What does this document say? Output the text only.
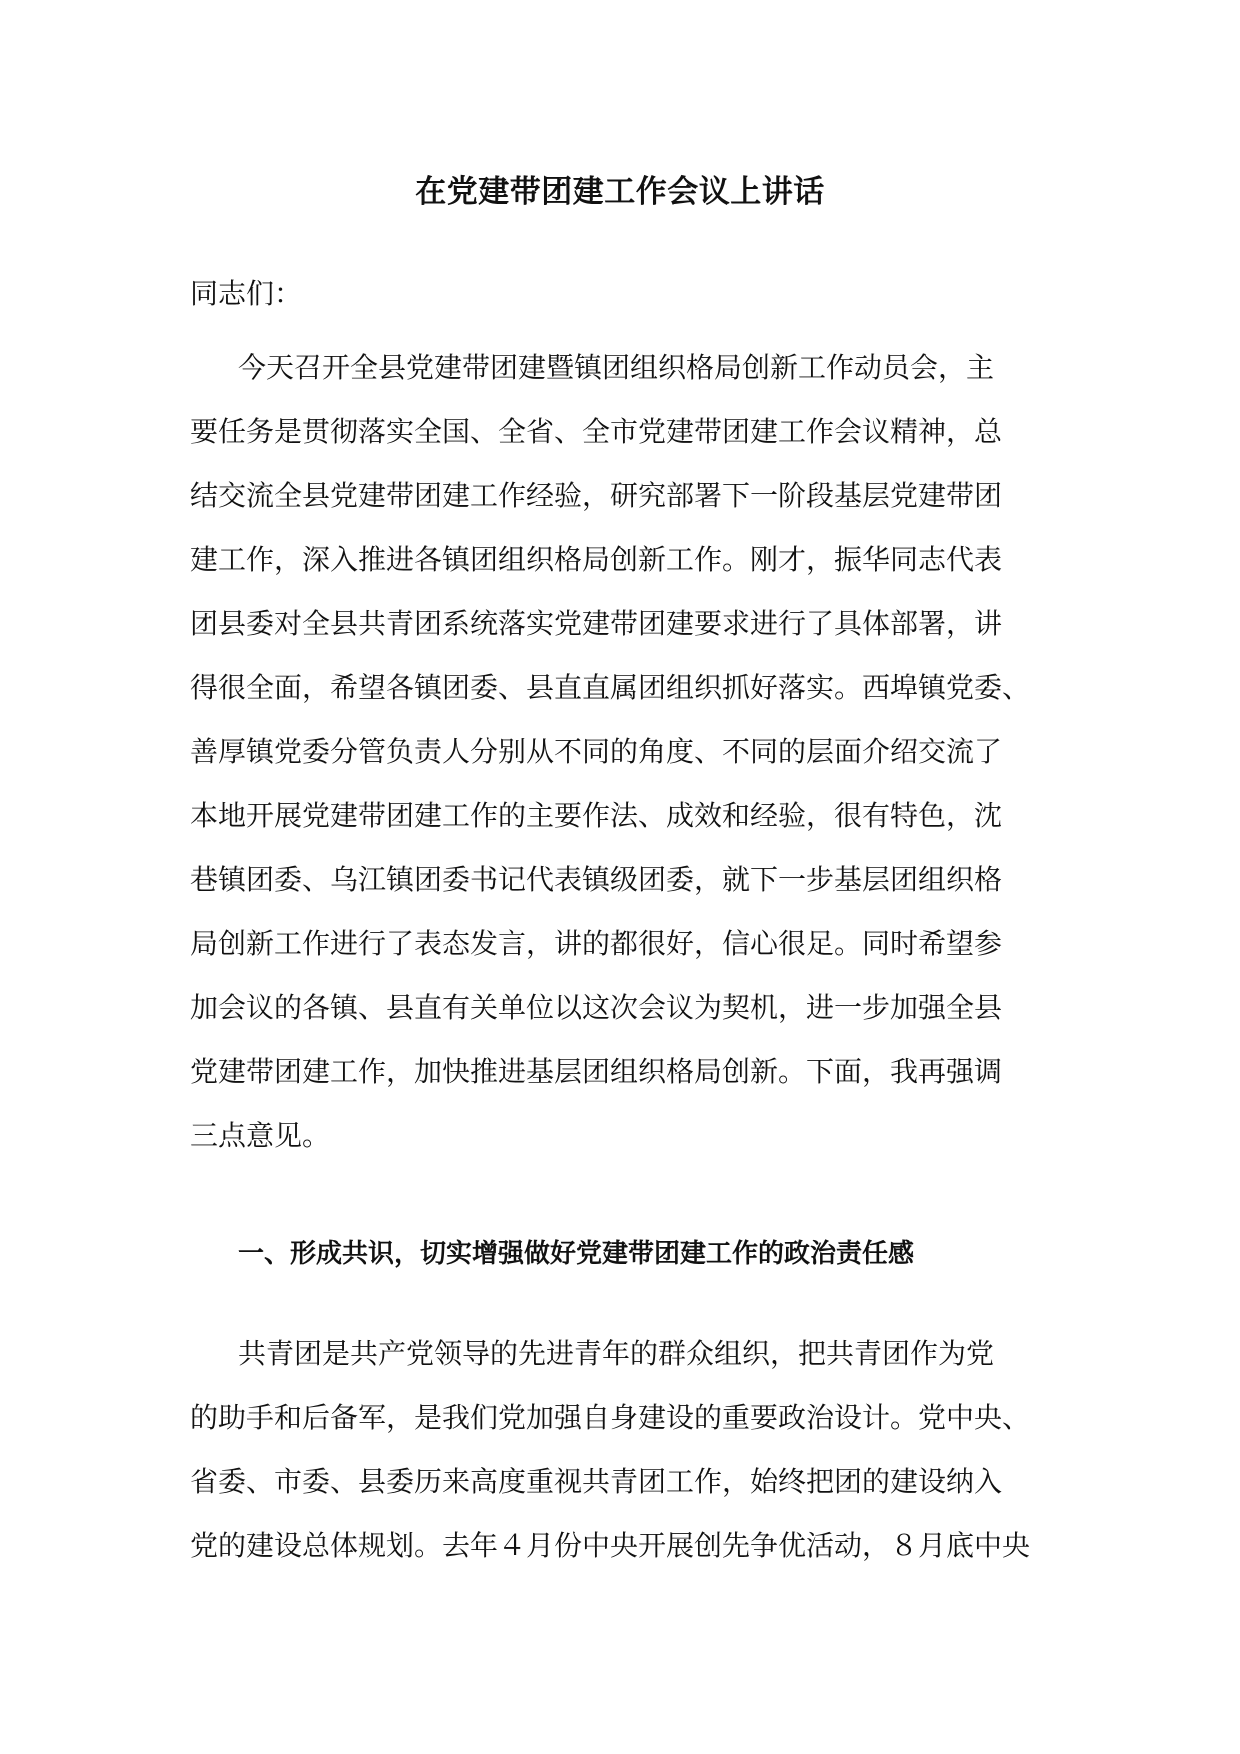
在党建带团建工作会议上讲话
同志们：
今天召开全县党建带团建暨镇团组织格局创新工作动员会，主
要任务是贯彻落实全国、全省、全市党建带团建工作会议精神，总
结交流全县党建带团建工作经验，研究部署下一阶段基层党建带团
建工作，深入推进各镇团组织格局创新工作。刚才，振华同志代表
团县委对全县共青团系统落实党建带团建要求进行了具体部署，讲
得很全面，希望各镇团委、县直直属团组织抓好落实。西埠镇党委、
善厚镇党委分管负责人分别从不同的角度、不同的层面介绍交流了
本地开展党建带团建工作的主要作法、成效和经验，很有特色，沈
巷镇团委、乌江镇团委书记代表镇级团委，就下一步基层团组织格
局创新工作进行了表态发言，讲的都很好，信心很足。同时希望参
加会议的各镇、县直有关单位以这次会议为契机，进一步加强全县
党建带团建工作，加快推进基层团组织格局创新。下面，我再强调
三点意见。
一、形成共识，切实增强做好党建带团建工作的政治责任感
共青团是共产党领导的先进青年的群众组织，把共青团作为党
的助手和后备军，是我们党加强自身建设的重要政治设计。党中央、
省委、市委、县委历来高度重视共青团工作，始终把团的建设纳入
党的建设总体规划。去年４月份中央开展创先争优活动，８月底中央
